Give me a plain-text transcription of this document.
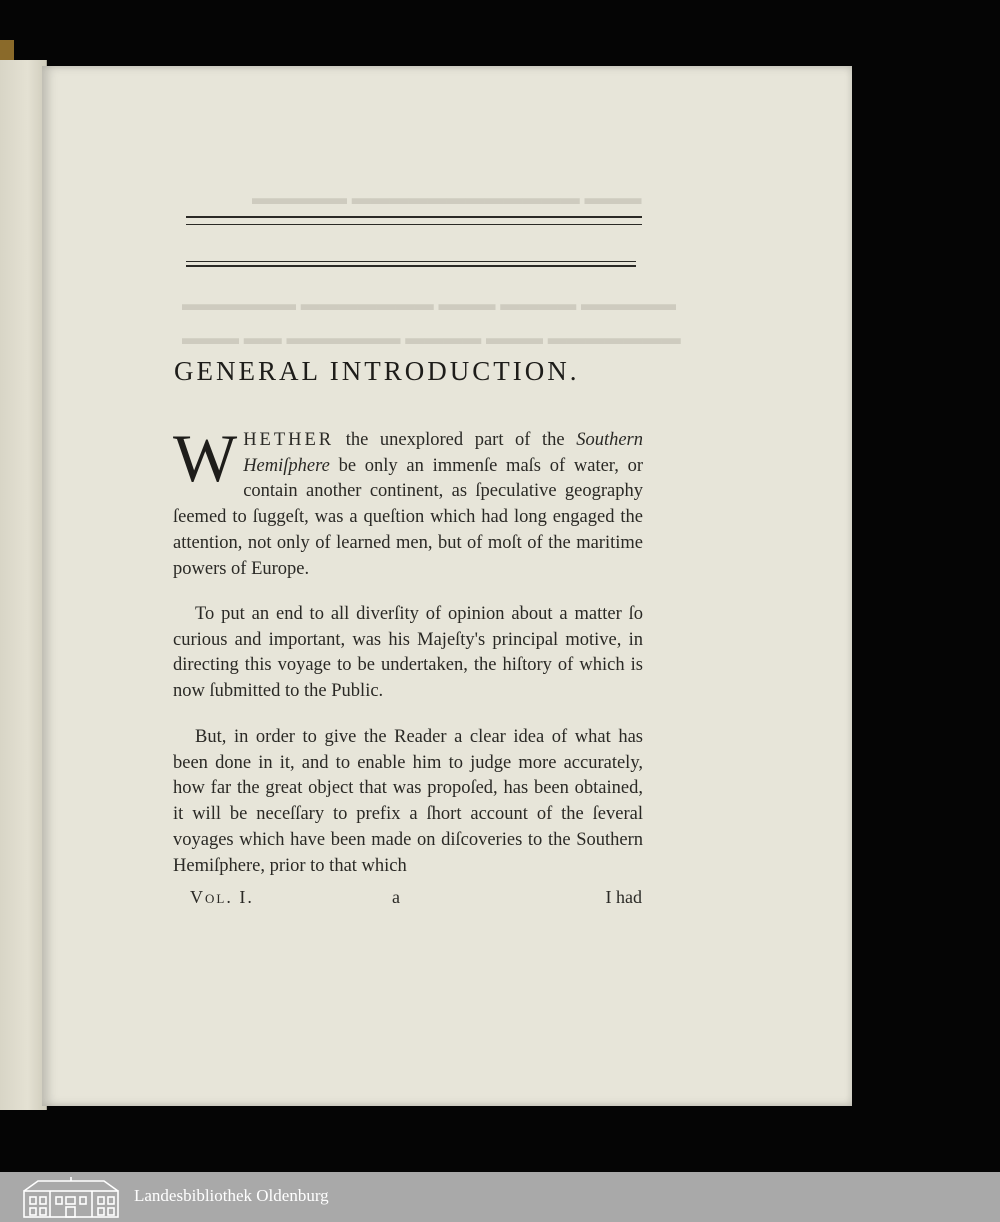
▬▬▬ ▬▬▬▬▬▬▬▬▬▬▬▬ ▬▬▬▬▬
▬▬▬▬▬ ▬▬▬▬ ▬▬▬ ▬▬▬▬▬▬▬ ▬▬▬▬▬▬
▬▬▬▬▬▬▬ ▬▬▬ ▬▬▬▬ ▬▬▬▬▬▬ ▬▬ ▬▬▬
GENERAL INTRODUCTION.
WHETHER the unexplored part of the Southern Hemiſphere be only an immenſe maſs of water, or contain another continent, as ſpeculative geography ſeemed to ſuggeſt, was a queſtion which had long engaged the attention, not only of learned men, but of moſt of the maritime powers of Europe.
To put an end to all diverſity of opinion about a matter ſo curious and important, was his Majeſty's principal motive, in directing this voyage to be undertaken, the hiſtory of which is now ſubmitted to the Public.
But, in order to give the Reader a clear idea of what has been done in it, and to enable him to judge more accurately, how far the great object that was propoſed, has been obtained, it will be neceſſary to prefix a ſhort account of the ſeveral voyages which have been made on diſcoveries to the Southern Hemiſphere, prior to that which
Vol. I.	a	I had
Landesbibliothek Oldenburg
